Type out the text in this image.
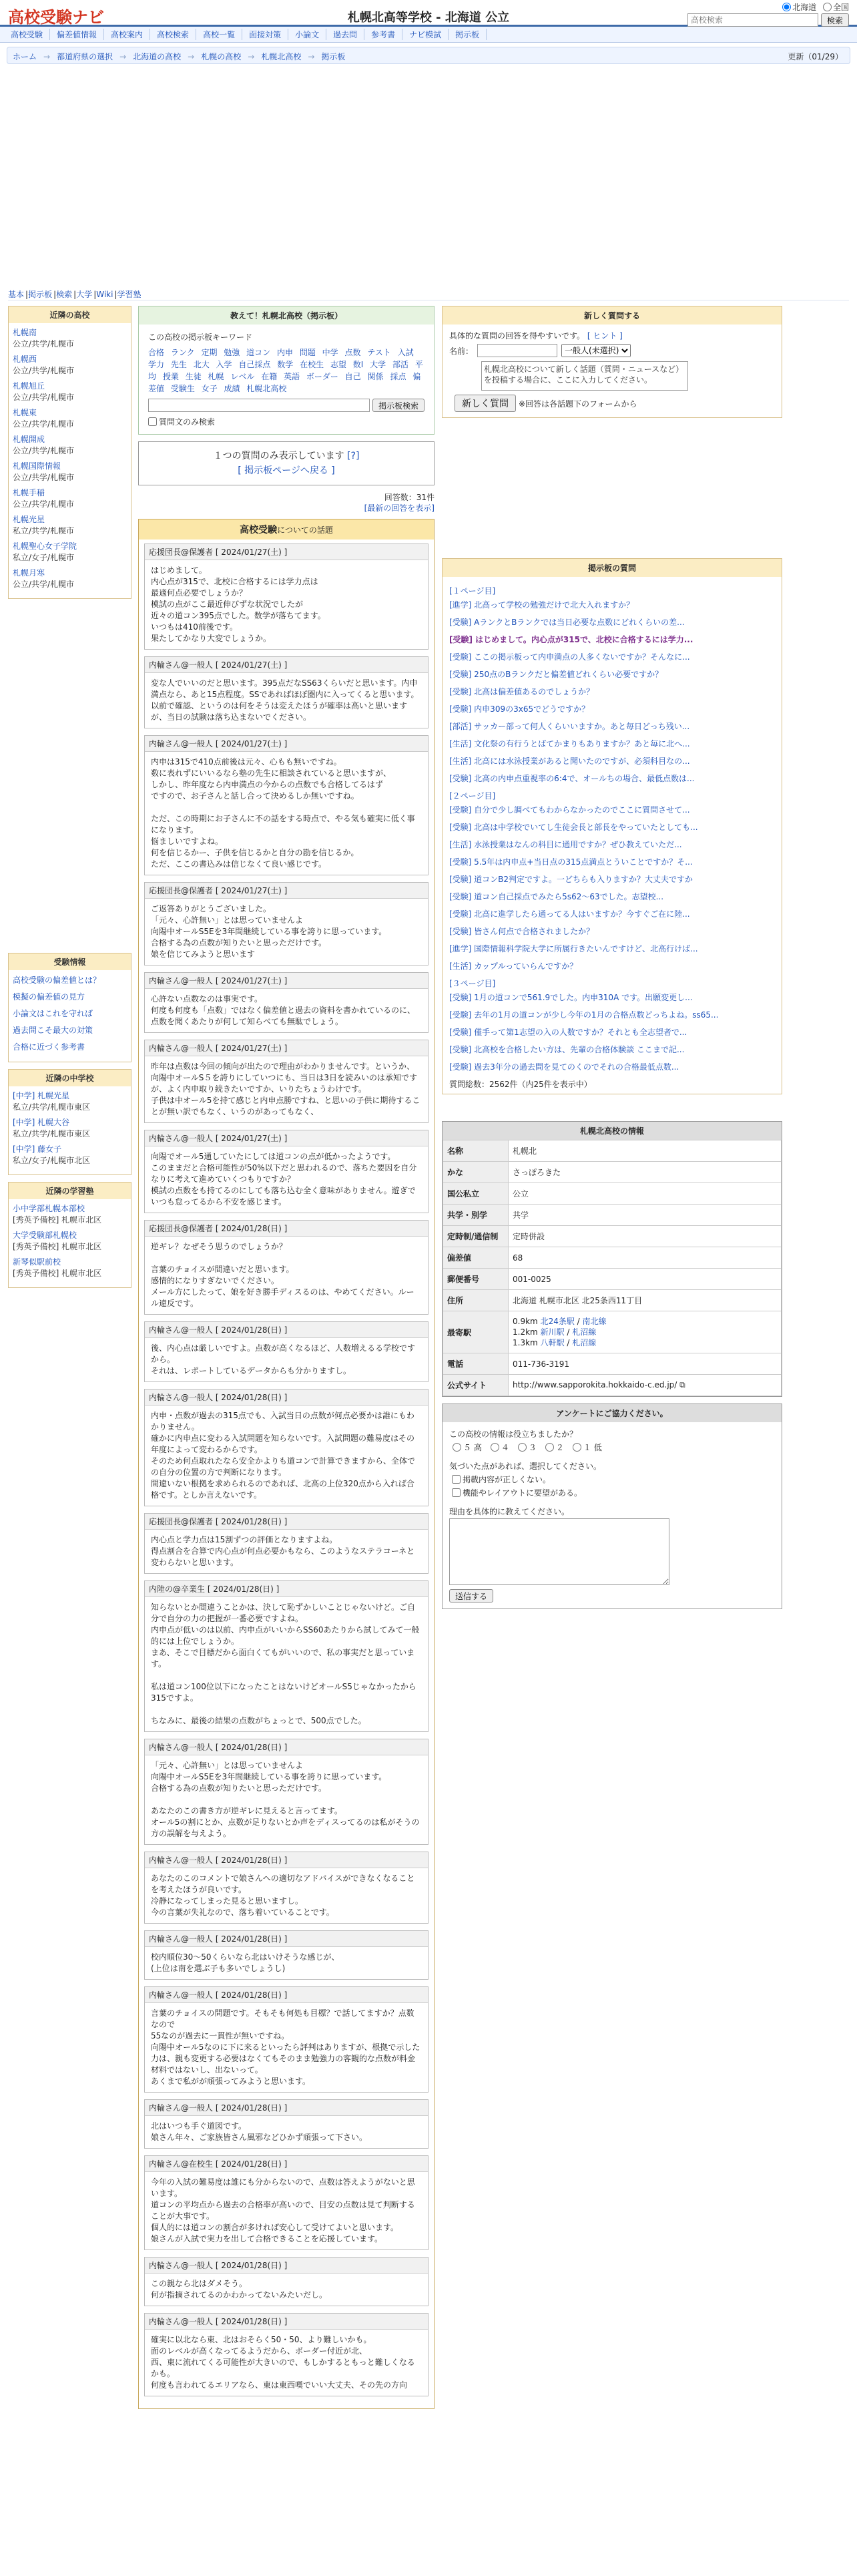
高校受験ナビ	札幌北高等学校 - 北海道 公立
北海道 全国
高校検索
検索
高校受験 偏差値情報 高校案内 高校検索 高校一覧 面接対策 小論文 過去問 参考書 ナビ模試 掲示板
ホーム → 都道府県の選択 → 北海道の高校 → 札幌の高校 → 札幌北高校 → 掲示板	更新（01/29）
基本 |掲示板 |検索 |大学 |Wiki |学習塾
近隣の高校
札幌南
公立/共学/札幌市
札幌西
公立/共学/札幌市
札幌旭丘
公立/共学/札幌市
札幌東
公立/共学/札幌市
札幌開成
公立/共学/札幌市
札幌国際情報
公立/共学/札幌市
札幌手稲
公立/共学/札幌市
札幌光星
私立/共学/札幌市
札幌聖心女子学院
私立/女子/札幌市
札幌月寒
公立/共学/札幌市
受験情報
高校受験の偏差値とは？
模擬の偏差値の見方
小論文はこれを守れば
過去問こそ最大の対策
合格に近づく参考書
近隣の中学校
[中学] 札幌光星
私立/共学/札幌市東区
[中学] 札幌大谷
私立/共学/札幌市東区
[中学] 藤女子
私立/女子/札幌市北区
近隣の学習塾
小中学部札幌本部校
[秀英予備校] 札幌市北区
大学受験部札幌校
[秀英予備校] 札幌市北区
新琴似駅前校
[秀英予備校] 札幌市北区
教えて！札幌北高校（掲示板）
この高校の掲示板キーワード
合格 ランク 定期 勉強 道コン 内申 問題 中学 点数 テスト 入試 学力 先生 北大 入学 自己採点 数学 在校生 志望 数Ⅰ 大学 部活 平均 授業 生徒 札幌 レベル 在籍 英語 ボーダー 自己 関係 採点 偏差値 受験生 女子 成績 札幌北高校
掲示板検索
質問文のみ検索
１つの質問のみ表示しています [?]
[ 掲示板ページへ戻る ]
回答数：31件
[最新の回答を表示]
高校受験についての話題
応援団長@保護者 [ 2024/01/27(土) ]
はじめまして。
内心点が315で、北校に合格するには学力点は
最適何点必要でしょうか？
模試の点がここ最近伸びずな状況でしたが
近々の道コン395点でした。数学が落ちてます。
いつもは410前後です。
果たしてかなり大変でしょうか。
内輪さん@一般人 [ 2024/01/27(土) ]
変な人でいいのだと思います。395点だなSS63くらいだと思います。内申満点なら、あと15点程度。SSであればほぼ圏内に入ってくると思います。
以前で確認、というのは何をそうは変えたほうが確率は高いと思いますが、当日の試験は落ち込まないでください。
内輪さん@一般人 [ 2024/01/27(土) ]
内申は315で410点前後は元々、心もも無いですね。
数に表れずにいいるなら塾の先生に相談されていると思いますが、
しかし、昨年度なら内申満点の今からの点数でも合格してるはず
ですので、お子さんと話し合って決めるしか無いですね。

ただ、この時期にお子さんに不の話をする時点で、やる気も確実に低く事になります。
悩ましいですよね。
何を信じるかー、子供を信じるかと自分の勘を信じるか。
ただ、ここの書込みは信じなくて良い感じです。
応援団長@保護者 [ 2024/01/27(土) ]
ご返答ありがとうございました。
「元々、心許無い」とは思っていませんよ
向陽中オールS5Eを3年間継続している事を誇りに思っています。
合格する為の点数が知りたいと思っただけです。
娘を信じてみようと思います
内輪さん@一般人 [ 2024/01/27(土) ]
心許ない点数なのは事実です。
何度も何度も「点数」ではなく偏差値と過去の資料を書かれているのに、点数を聞くあたりが何して知らべても無駄でしょう。
内輪さん@一般人 [ 2024/01/27(土) ]
昨年は点数は今回の傾向が出たので理由がわかりませんです。というか、向陽中オールS５を誇りにしていつにも、当日は3日を読みいのは承知ですが、よく内申取り続きたいですか、いりたちょうわけです。
子供は中オール5を持て感じと内申点勝ですね、と思いの子供に期待することが無い訳でもなく、いうのがあってもなく、
内輪さん@一般人 [ 2024/01/27(土) ]
向陽でオール5通していたにしては道コンの点が低かったようです。
このままだと合格可能性が50%以下だと思われるので、落ちた要因を自分なりに考えて進めていくつもりですか？
模試の点数をも持てるのにしても落ち込む全く意味がありません。遊ぎでいつも怠ってるから不安を感じます。
応援団長@保護者 [ 2024/01/28(日) ]
逆ギレ？なぜそう思うのでしょうか？

言葉のチョイスが間違いだと思います。
感情的になりすぎないでください。
メール方にしたって、娘を好き勝手ディスるのは、やめてください。ルール違反です。
内輪さん@一般人 [ 2024/01/28(日) ]
後、内心点は厳しいですよ。点数が高くなるほど、人数増えるる学校ですから。
それは、レポートしているデータからも分かりますし。
内輪さん@一般人 [ 2024/01/28(日) ]
内申・点数が過去の315点でも、入試当日の点数が何点必要かは誰にもわかりません。
確かに内申点に変わる入試問題を知らないです。入試問題の難易度はその年度によって変わるからです。
そのため何点取れたなら安全かよりも道コンで計算できますから、全体での自分の位置の方で判断になります。
間違いない根拠を求められるのであれば、北高の上位320点から入れば合格です。としか言えないです。
応援団長@保護者 [ 2024/01/28(日) ]
内心点と学力点は15割ずつの評価となりますよね。
得点割合を合算で内心点が何点必要かもなら、このようなステラコーネと変わらないと思います。
内陸の@卒業生 [ 2024/01/28(日) ]
知らないとか間違うことかは、決して恥ずかしいことじゃないけど。ご自分で自分の力の把握が一番必要ですよね。
内申点が低いのは以前、内申点がいいからSS60あたりから試してみて一般的には上位でしょうか。
まあ、そこで目標だから面白くてもがいいので、私の事実だと思っています。

私は道コン100位以下になったことはないけどオールS5じゃなかったから315ですよ。

ちなみに、最後の結果の点数がちょっとで、500点でした。
内輪さん@一般人 [ 2024/01/28(日) ]
「元々、心許無い」とは思っていませんよ
向陽中オールS5Eを3年間継続している事を誇りに思っています。
合格する為の点数が知りたいと思っただけです。

あなたのこの書き方が逆ギレに見えると言ってます。
オール5の割にとか、点数が足りないとか声をディスってるのは私がそうの方の誤解を与えよう。
内輪さん@一般人 [ 2024/01/28(日) ]
あなたのこのコメントで娘さんへの適切なアドバイスができなくなることを考えたほうが良いです。
冷静になってしまった見ると思いますし。
今の言葉が失礼なので、落ち着いていることです。
内輪さん@一般人 [ 2024/01/28(日) ]
校内順位30〜50くらいなら北はいけそうな感じが、
(上位は南を選ぶ子も多いでしょうし)
内輪さん@一般人 [ 2024/01/28(日) ]
言葉のチョイスの問題です。そもそも何処も目標？で話してますか？点数なので
55なのが過去に一貫性が無いですね。
向陽中オール5なのに下に来るといったら評判はありますが、根拠で示した力は、親も変更する必要はなくてもそのまま勉強力の客観的な点数が料金材料ではないし、出ないって。
あくまで私がが頑張ってみようと思います。
内輪さん@一般人 [ 2024/01/28(日) ]
北はいつも手ぐ道図です。
娘さん年々、ご家族皆さん風邪などひかず頑張って下さい。
内輪さん@在校生 [ 2024/01/28(日) ]
今年の入試の難易度は誰にも分からないので、点数は答えようがないと思います。
道コンの平均点から過去の合格率が高いので、目安の点数は見て判断することが大事です。
個人的には道コンの割合が多ければ安心して受けてよいと思います。
娘さんが入試で実力を出して合格できることを応援しています。
内輪さん@一般人 [ 2024/01/28(日) ]
この親なら北はダメそう。
何が指摘されてるのかわかってないみたいだし。
内輪さん@一般人 [ 2024/01/28(日) ]
確実に以北なら東、北はおそらく50・50、より難しいかも。
面のレベルが高くなってるようだから、ボーダー付近が北、
西、東に流れてくる可能性が大きいので、もしかするともっと難しくなるかも。
何度も言われてるエリアなら、東は東西嘆でいい大丈夫、その先の方向
新しく質問する
具体的な質問の回答を得やすいです。 [ ヒント ]
名前：
一般人(未選択)
札幌北高校について新しく話題（質問・ニュースなど）を投稿する場合に、ここに入力してください。
新しく質問	※回答は各話題下のフォームから
掲示板の質問
[１ページ目]
[進学] 北高って学校の勉強だけで北大入れますか？
[受験] AランクとBランクでは当日必要な点数にどれくらいの差...
[受験] はじめまして。内心点が315で、北校に合格するには学力...
[受験] ここの掲示板って内申満点の人多くないですか？そんなに...
[受験] 250点のBランクだと偏差値どれくらい必要ですか？
[受験] 北高は偏差値あるのでしょうか？
[受験] 内申309の3x65でどうですか？
[部活] サッカー部って何人くらいいますか。あと毎日どっち残い...
[生活] 文化祭の有行うとばてかまりもありますか？あと毎に北へ...
[生活] 北高には水泳授業があると聞いたのですが、必須科目なの...
[受験] 北高の内申点重視率の6:4で、オールちの場合、最低点数は...
[２ページ目]
[受験] 自分で少し調べてもわからなかったのでここに質問させて...
[受験] 北高は中学校でいてし生徒会長と部長をやっていたとしても...
[生活] 水泳授業はなんの科目に通用ですか？ぜひ教えていただ...
[受験] 5.5年は内申点+当日点の315点満点とういことですか？そ...
[受験] 道コンB2判定ですよ。一どちらも入りますか？大丈夫ですか
[受験] 道コン自己採点でみたら5s62〜63でした。志望校...
[受験] 北高に進学したら通ってる人はいますか？今すぐご在に陸...
[受験] 皆さん何点で合格されましたか？
[進学] 国際情報科学院大学に所属行きたいんですけど、北高行けば...
[生活] カップルっていらんですか？
[３ページ目]
[受験] 1月の道コンで561.9でした。内申310A です。出願変更し...
[受験] 去年の1月の道コンが少し今年の1月の合格点数どっちよね。ss65...
[受験] 僅手って第1志望の入の人数ですか？それとも全志望者で...
[受験] 北高校を合格したい方は、先輩の合格体験談 ここまで記...
[受験] 過去3年分の過去問を見てのくのでそれの合格最低点数...
質問総数：2562件（内25件を表示中）
札幌北高校の情報
名称	札幌北
かな	さっぽろきた
国公私立	公立
共学・別学	共学
定時制/通信制	定時併設
偏差値	68
郵便番号	001-0025
住所	北海道 札幌市北区 北25条西11丁目
最寄駅	0.9km 北24条駅 / 南北線
1.2km 新川駅 / 札沼線
1.3km 八軒駅 / 札沼線

電話	011-736-3191
公式サイト	http://www.sapporokita.hokkaido-c.ed.jp/ ⧉
アンケートにご協力ください。
この高校の情報は役立ちましたか？
５ 高 ４ ３ ２ １ 低
気づいた点があれば、選択してください。
掲載内容が正しくない。
機能やレイアウトに要望がある。
理由を具体的に教えてください。

送信する
